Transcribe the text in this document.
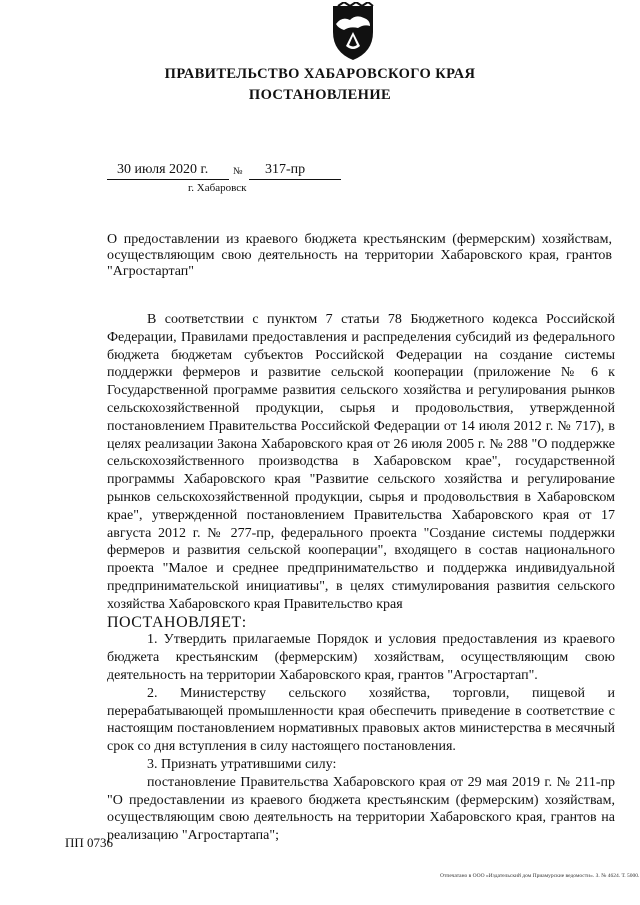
ПРАВИТЕЛЬСТВО ХАБАРОВСКОГО КРАЯ
ПОСТАНОВЛЕНИЕ
30 июля 2020 г. № 317-пр
г. Хабаровск
О предоставлении из краевого бюджета крестьянским (фермерским) хозяйствам, осуществляющим свою деятельность на территории Хабаровского края, грантов "Агростартап"

В соответствии с пунктом 7 статьи 78 Бюджетного кодекса Российской Федерации, Правилами предоставления и распределения субсидий из федерального бюджета бюджетам субъектов Российской Федерации на создание системы поддержки фермеров и развитие сельской кооперации (приложение № 6 к Государственной программе развития сельского хозяйства и регулирования рынков сельскохозяйственной продукции, сырья и продовольствия, утвержденной постановлением Правительства Российской Федерации от 14 июля 2012 г. № 717), в целях реализации Закона Хабаровского края от 26 июля 2005 г. № 288 "О поддержке сельскохозяйственного производства в Хабаровском крае", государственной программы Хабаровского края "Развитие сельского хозяйства и регулирование рынков сельскохозяйственной продукции, сырья и продовольствия в Хабаровском крае", утвержденной постановлением Правительства Хабаровского края от 17 августа 2012 г. № 277-пр, федерального проекта "Создание системы поддержки фермеров и развития сельской кооперации", входящего в состав национального проекта "Малое и среднее предпринимательство и поддержка индивидуальной предпринимательской инициативы", в целях стимулирования развития сельского хозяйства Хабаровского края Правительство края

ПОСТАНОВЛЯЕТ:

1. Утвердить прилагаемые Порядок и условия предоставления из краевого бюджета крестьянским (фермерским) хозяйствам, осуществляющим свою деятельность на территории Хабаровского края, грантов "Агростартап".

2. Министерству сельского хозяйства, торговли, пищевой и перерабатывающей промышленности края обеспечить приведение в соответствие с настоящим постановлением нормативных правовых актов министерства в месячный срок со дня вступления в силу настоящего постановления.

3. Признать утратившими силу:

постановление Правительства Хабаровского края от 29 мая 2019 г. № 211-пр "О предоставлении из краевого бюджета крестьянским (фермерским) хозяйствам, осуществляющим свою деятельность на территории Хабаровского края, грантов на реализацию "Агростартапа";

ПП 0736
Отпечатано в ООО «Издательский дом Приамурские ведомости». З. № 4624. Т. 5000.
